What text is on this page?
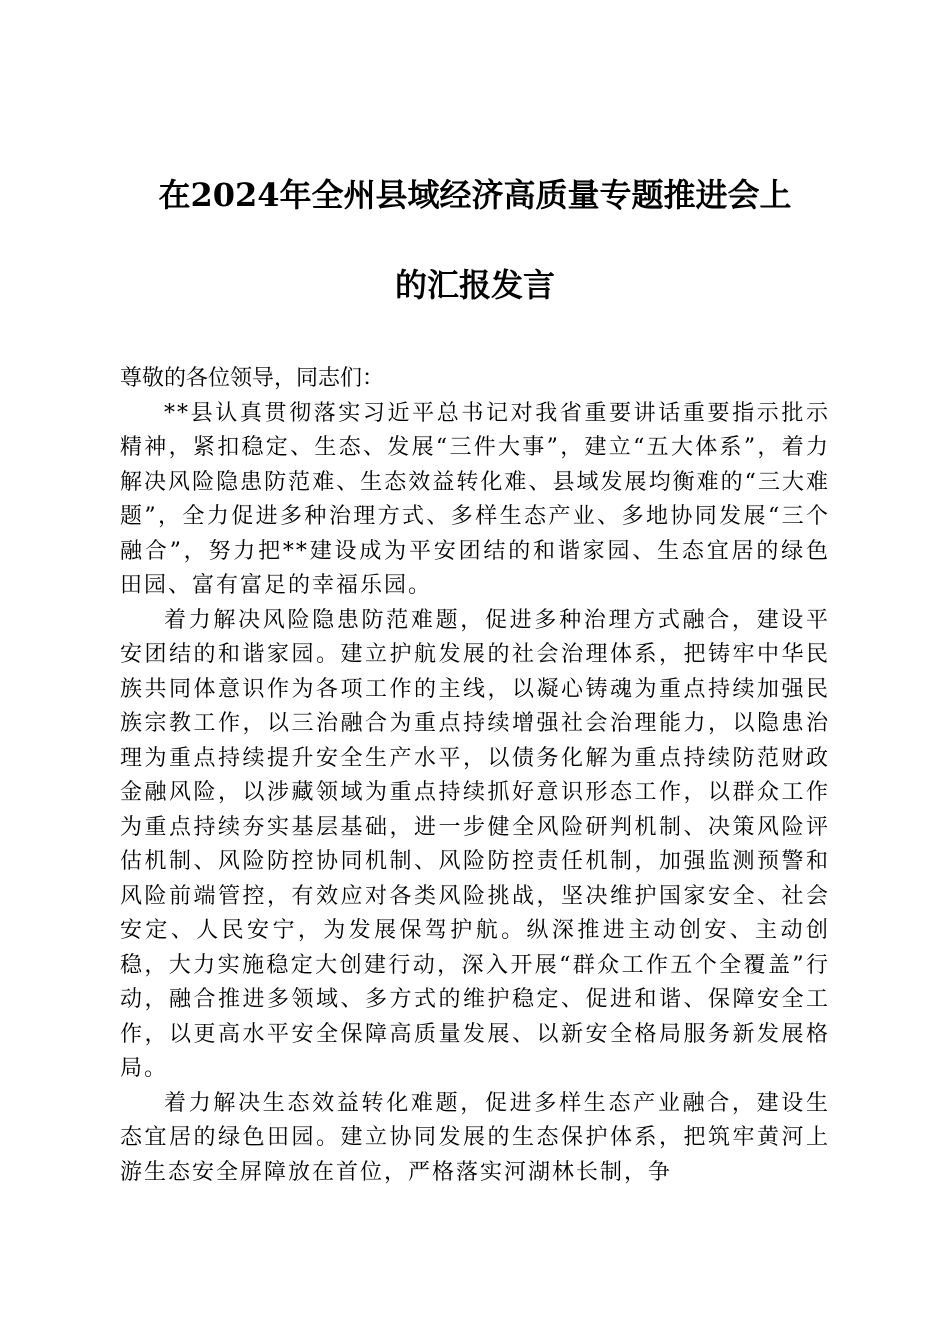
在2024年全州县域经济高质量专题推进会上
的汇报发言

尊敬的各位领导，同志们：

**县认真贯彻落实习近平总书记对我省重要讲话重要指示批示精神，紧扣稳定、生态、发展“三件大事”，建立“五大体系”，着力解决风险隐患防范难、生态效益转化难、县域发展均衡难的“三大难题”，全力促进多种治理方式、多样生态产业、多地协同发展“三个融合”，努力把**建设成为平安团结的和谐家园、生态宜居的绿色田园、富有富足的幸福乐园。

着力解决风险隐患防范难题，促进多种治理方式融合，建设平安团结的和谐家园。建立护航发展的社会治理体系，把铸牢中华民族共同体意识作为各项工作的主线，以凝心铸魂为重点持续加强民族宗教工作，以三治融合为重点持续增强社会治理能力，以隐患治理为重点持续提升安全生产水平，以债务化解为重点持续防范财政金融风险，以涉藏领域为重点持续抓好意识形态工作，以群众工作为重点持续夯实基层基础，进一步健全风险研判机制、决策风险评估机制、风险防控协同机制、风险防控责任机制，加强监测预警和风险前端管控，有效应对各类风险挑战，坚决维护国家安全、社会安定、人民安宁，为发展保驾护航。纵深推进主动创安、主动创稳，大力实施稳定大创建行动，深入开展“群众工作五个全覆盖”行动，融合推进多领域、多方式的维护稳定、促进和谐、保障安全工作，以更高水平安全保障高质量发展、以新安全格局服务新发展格局。

着力解决生态效益转化难题，促进多样生态产业融合，建设生态宜居的绿色田园。建立协同发展的生态保护体系，把筑牢黄河上游生态安全屏障放在首位，严格落实河湖林长制，争
